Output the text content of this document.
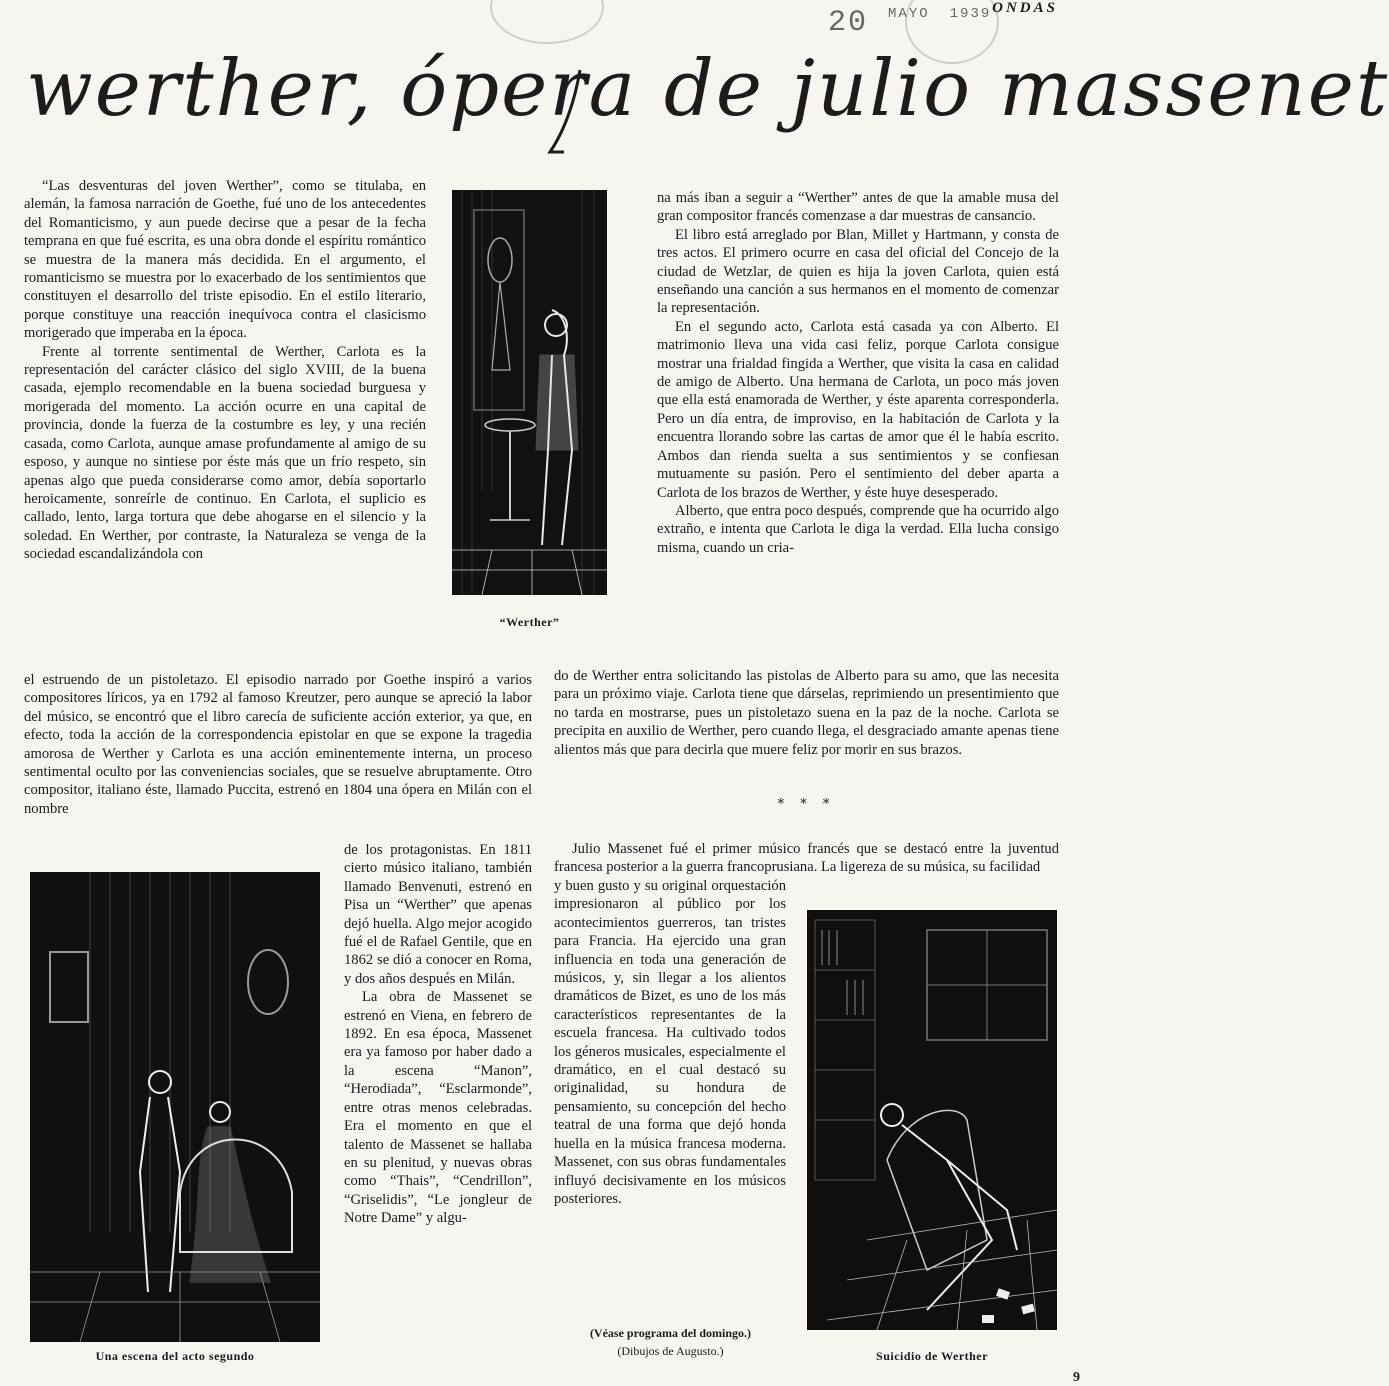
20 $^{MAYO}$ $^{1939}$ ONDAS
werther, ópera de julio massenet

“Las desventuras del joven Werther”, como se titulaba, en alemán, la famosa narración de Goethe, fué uno de los antecedentes del Romanticismo, y aun puede decirse que a pesar de la fecha temprana en que fué escrita, es una obra donde el espíritu romántico se muestra de la manera más decidida. En el argumento, el romanticismo se muestra por lo exacerbado de los sentimientos que constituyen el desarrollo del triste episodio. En el estilo literario, porque constituye una reacción inequívoca contra el clasicismo morigerado que imperaba en la época.

Frente al torrente sentimental de Werther, Carlota es la representación del carácter clásico del siglo XVIII, de la buena casada, ejemplo recomendable en la buena sociedad burguesa y morigerada del momento. La acción ocurre en una capital de provincia, donde la fuerza de la costumbre es ley, y una recién casada, como Carlota, aunque amase profundamente al amigo de su esposo, y aunque no sintiese por éste más que un frío respeto, sin apenas algo que pueda considerarse como amor, debía soportarlo heroicamente, sonreírle de continuo. En Carlota, el suplicio es callado, lento, larga tortura que debe ahogarse en el silencio y la soledad. En Werther, por contraste, la Naturaleza se venga de la sociedad escandalizándola con

“Werther”

el estruendo de un pistoletazo. El episodio narrado por Goethe inspiró a varios compositores líricos, ya en 1792 al famoso Kreutzer, pero aunque se apreció la labor del músico, se encontró que el libro carecía de suficiente acción exterior, ya que, en efecto, toda la acción de la correspondencia epistolar en que se expone la tragedia amorosa de Werther y Carlota es una acción eminentemente interna, un proceso sentimental oculto por las conveniencias sociales, que se resuelve abruptamente. Otro compositor, italiano éste, llamado Puccita, estrenó en 1804 una ópera en Milán con el nombre

Una escena del acto segundo

de los protagonistas. En 1811 cierto músico italiano, también llamado Benvenuti, estrenó en Pisa un “Werther” que apenas dejó huella. Algo mejor acogido fué el de Rafael Gentile, que en 1862 se dió a conocer en Roma, y dos años después en Milán.

La obra de Massenet se estrenó en Viena, en febrero de 1892. En esa época, Massenet era ya famoso por haber dado a la escena “Manon”, “Herodiada”, “Esclarmonde”, entre otras menos celebradas. Era el momento en que el talento de Massenet se hallaba en su plenitud, y nuevas obras como “Thais”, “Cendrillon”, “Griselidis”, “Le jongleur de Notre Dame” y algu-

na más iban a seguir a “Werther” antes de que la amable musa del gran compositor francés comenzase a dar muestras de cansancio.

El libro está arreglado por Blan, Millet y Hartmann, y consta de tres actos. El primero ocurre en casa del oficial del Concejo de la ciudad de Wetzlar, de quien es hija la joven Carlota, quien está enseñando una canción a sus hermanos en el momento de comenzar la representación.

En el segundo acto, Carlota está casada ya con Alberto. El matrimonio lleva una vida casi feliz, porque Carlota consigue mostrar una frialdad fingida a Werther, que visita la casa en calidad de amigo de Alberto. Una hermana de Carlota, un poco más joven que ella está enamorada de Werther, y éste aparenta corresponderla. Pero un día entra, de improviso, en la habitación de Carlota y la encuentra llorando sobre las cartas de amor que él le había escrito. Ambos dan rienda suelta a sus sentimientos y se confiesan mutuamente su pasión. Pero el sentimiento del deber aparta a Carlota de los brazos de Werther, y éste huye desesperado.

Alberto, que entra poco después, comprende que ha ocurrido algo extraño, e intenta que Carlota le diga la verdad. Ella lucha consigo misma, cuando un cria-

do de Werther entra solicitando las pistolas de Alberto para su amo, que las necesita para un próximo viaje. Carlota tiene que dárselas, reprimiendo un presentimiento que no tarda en mostrarse, pues un pistoletazo suena en la paz de la noche. Carlota se precipita en auxilio de Werther, pero cuando llega, el desgraciado amante apenas tiene alientos más que para decirla que muere feliz por morir en sus brazos.

* * *

Julio Massenet fué el primer músico francés que se destacó entre la juventud francesa posterior a la guerra francoprusiana. La ligereza de su música, su facilidad

y buen gusto y su original orquestación impresionaron al público por los acontecimientos guerreros, tan tristes para Francia. Ha ejercido una gran influencia en toda una generación de músicos, y, sin llegar a los alientos dramáticos de Bizet, es uno de los más característicos representantes de la escuela francesa. Ha cultivado todos los géneros musicales, especialmente el dramático, en el cual destacó su originalidad, su hondura de pensamiento, su concepción del hecho teatral de una forma que dejó honda huella en la música francesa moderna. Massenet, con sus obras fundamentales influyó decisivamente en los músicos posteriores.

Suicidio de Werther
(Véase programa del domingo.)
(Dibujos de Augusto.)
9
